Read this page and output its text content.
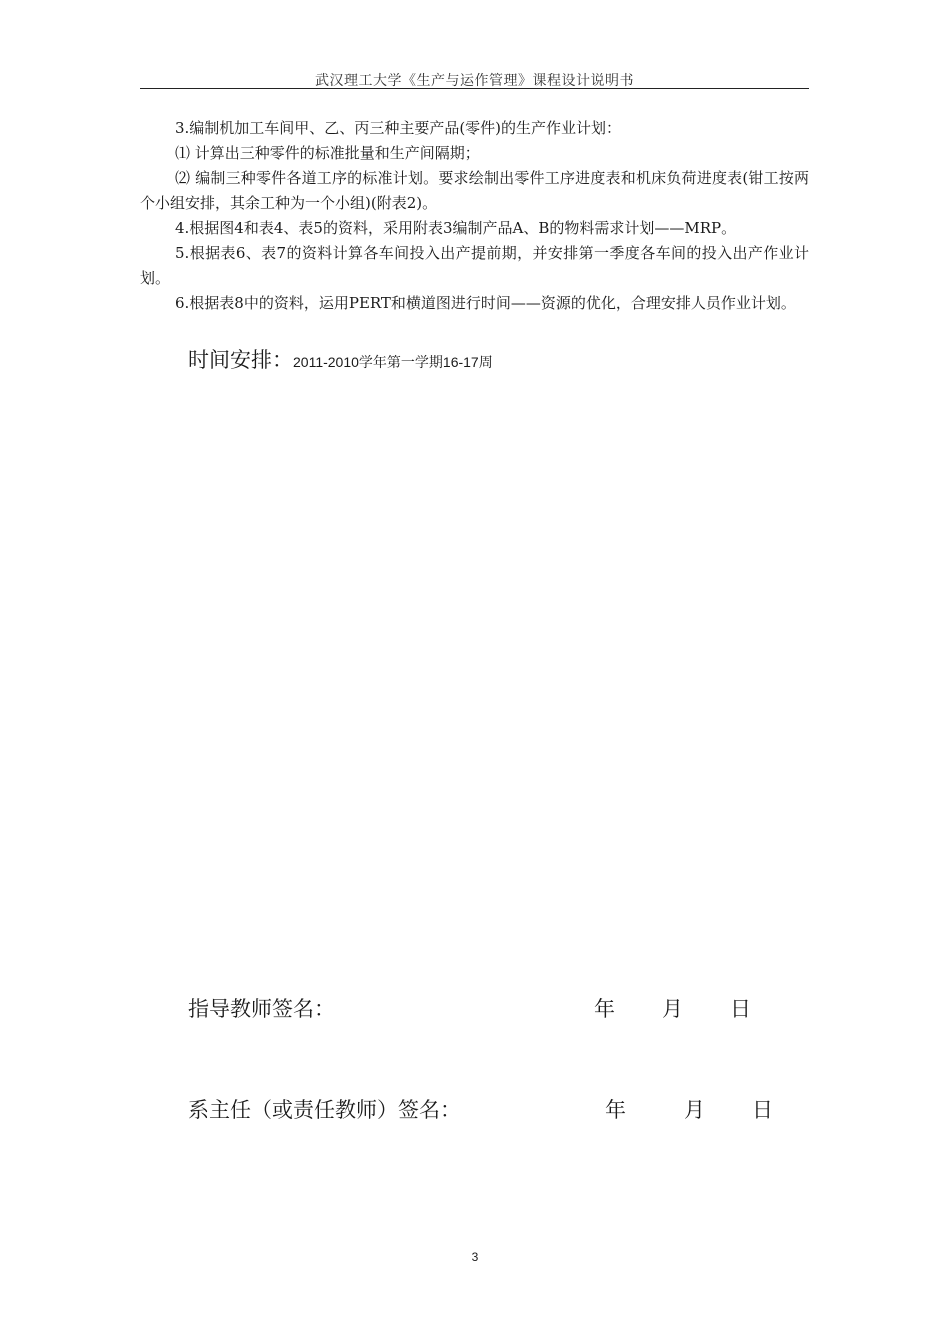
武汉理工大学《生产与运作管理》课程设计说明书

3.编制机加工车间甲、乙、丙三种主要产品(零件)的生产作业计划：

⑴ 计算出三种零件的标准批量和生产间隔期；

⑵ 编制三种零件各道工序的标准计划。要求绘制出零件工序进度表和机床负荷进度表(钳工按两个小组安排，其余工种为一个小组)(附表2)。

4.根据图4和表4、表5的资料，采用附表3编制产品A、B的物料需求计划——MRP。

5.根据表6、表7的资料计算各车间投入出产提前期，并安排第一季度各车间的投入出产作业计划。

6.根据表8中的资料，运用PERT和横道图进行时间——资源的优化，合理安排人员作业计划。

时间安排：2011-2010学年第一学期16-17周
指导教师签名：	年 月 日
系主任（或责任教师）签名：	年	月 日
3
